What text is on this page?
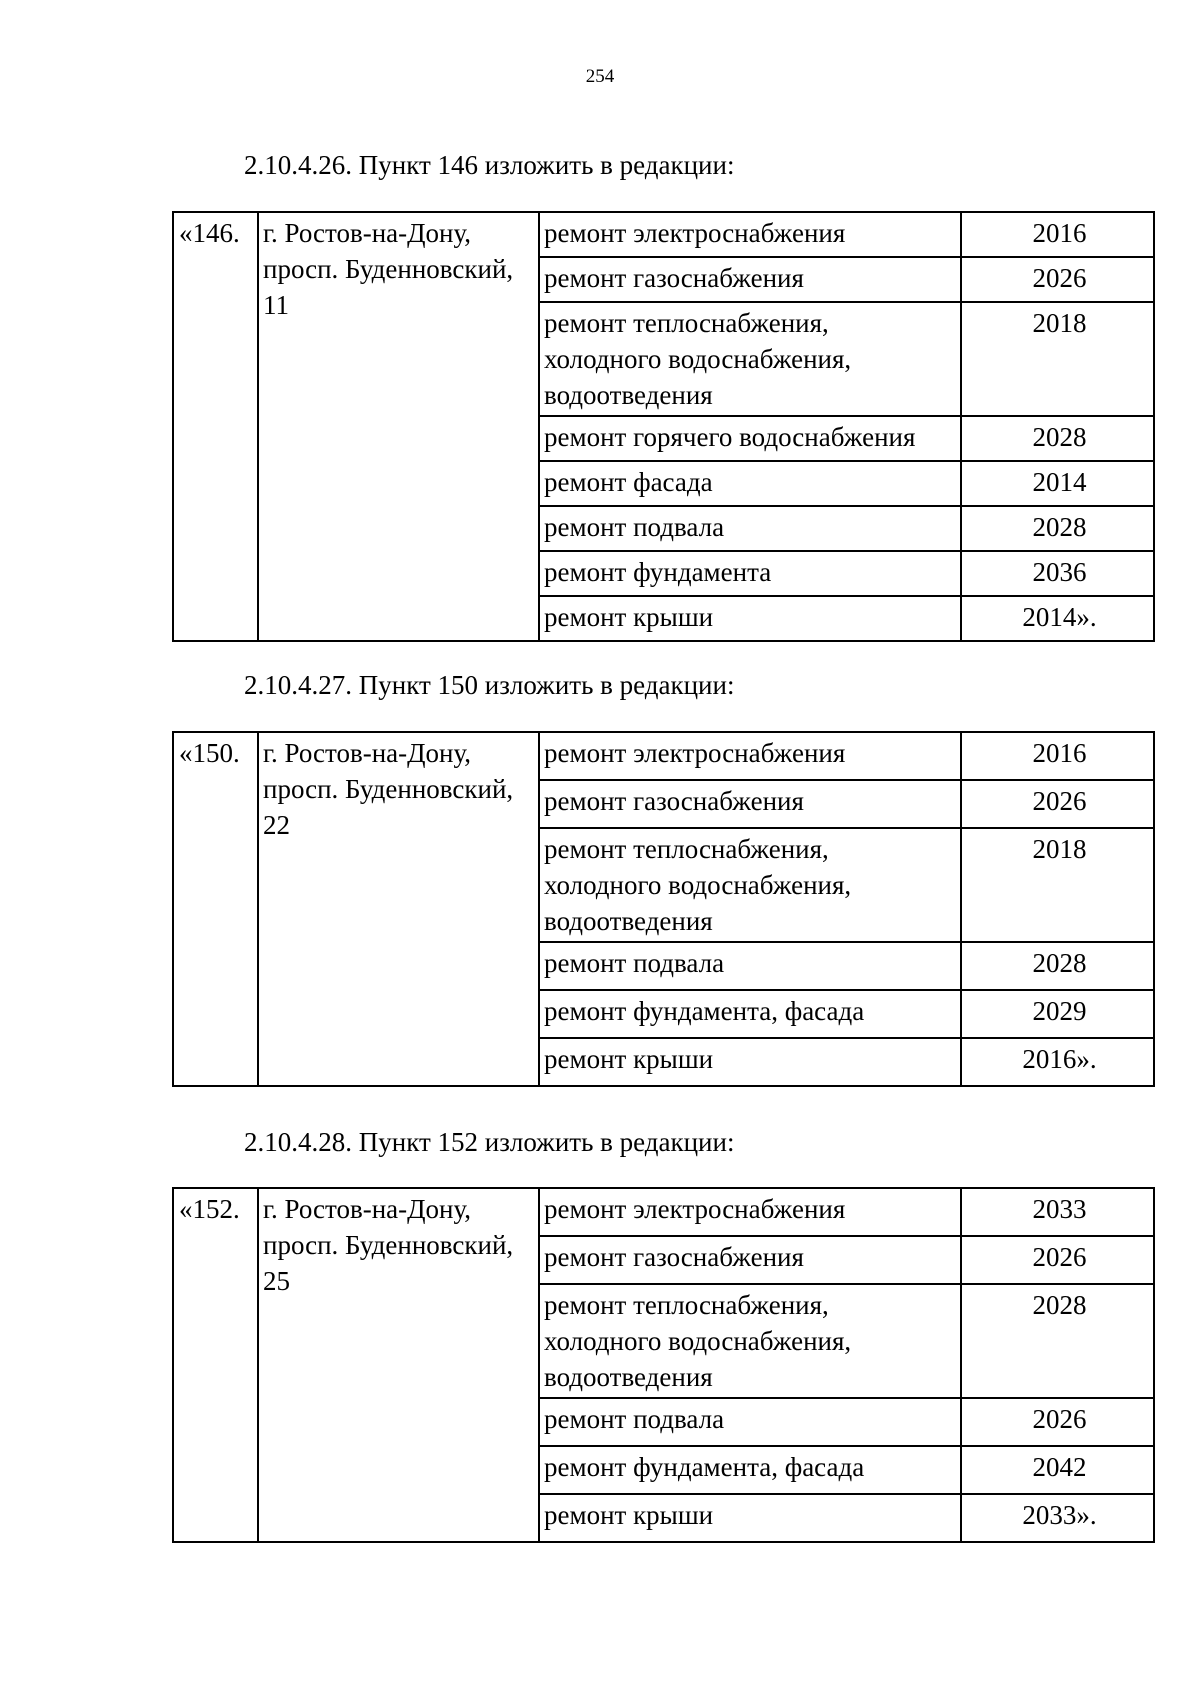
254
2.10.4.26. Пункт 146 изложить в редакции:
«146.	г. Ростов-на-Дону,
просп. Буденновский,
11	ремонт электроснабжения	2016

		ремонт газоснабжения	2026

		ремонт теплоснабжения,
холодного водоснабжения,
водоотведения	2018

		ремонт горячего водоснабжения	2028

		ремонт фасада	2014

		ремонт подвала	2028

		ремонт фундамента	2036

		ремонт крыши	2014».
2.10.4.27. Пункт 150 изложить в редакции:
«150.	г. Ростов-на-Дону,
просп. Буденновский,
22	ремонт электроснабжения	2016

		ремонт газоснабжения	2026

		ремонт теплоснабжения,
холодного водоснабжения,
водоотведения	2018

		ремонт подвала	2028

		ремонт фундамента, фасада	2029

		ремонт крыши	2016».
2.10.4.28. Пункт 152 изложить в редакции:
«152.	г. Ростов-на-Дону,
просп. Буденновский,
25	ремонт электроснабжения	2033

		ремонт газоснабжения	2026

		ремонт теплоснабжения,
холодного водоснабжения,
водоотведения	2028

		ремонт подвала	2026

		ремонт фундамента, фасада	2042

		ремонт крыши	2033».
